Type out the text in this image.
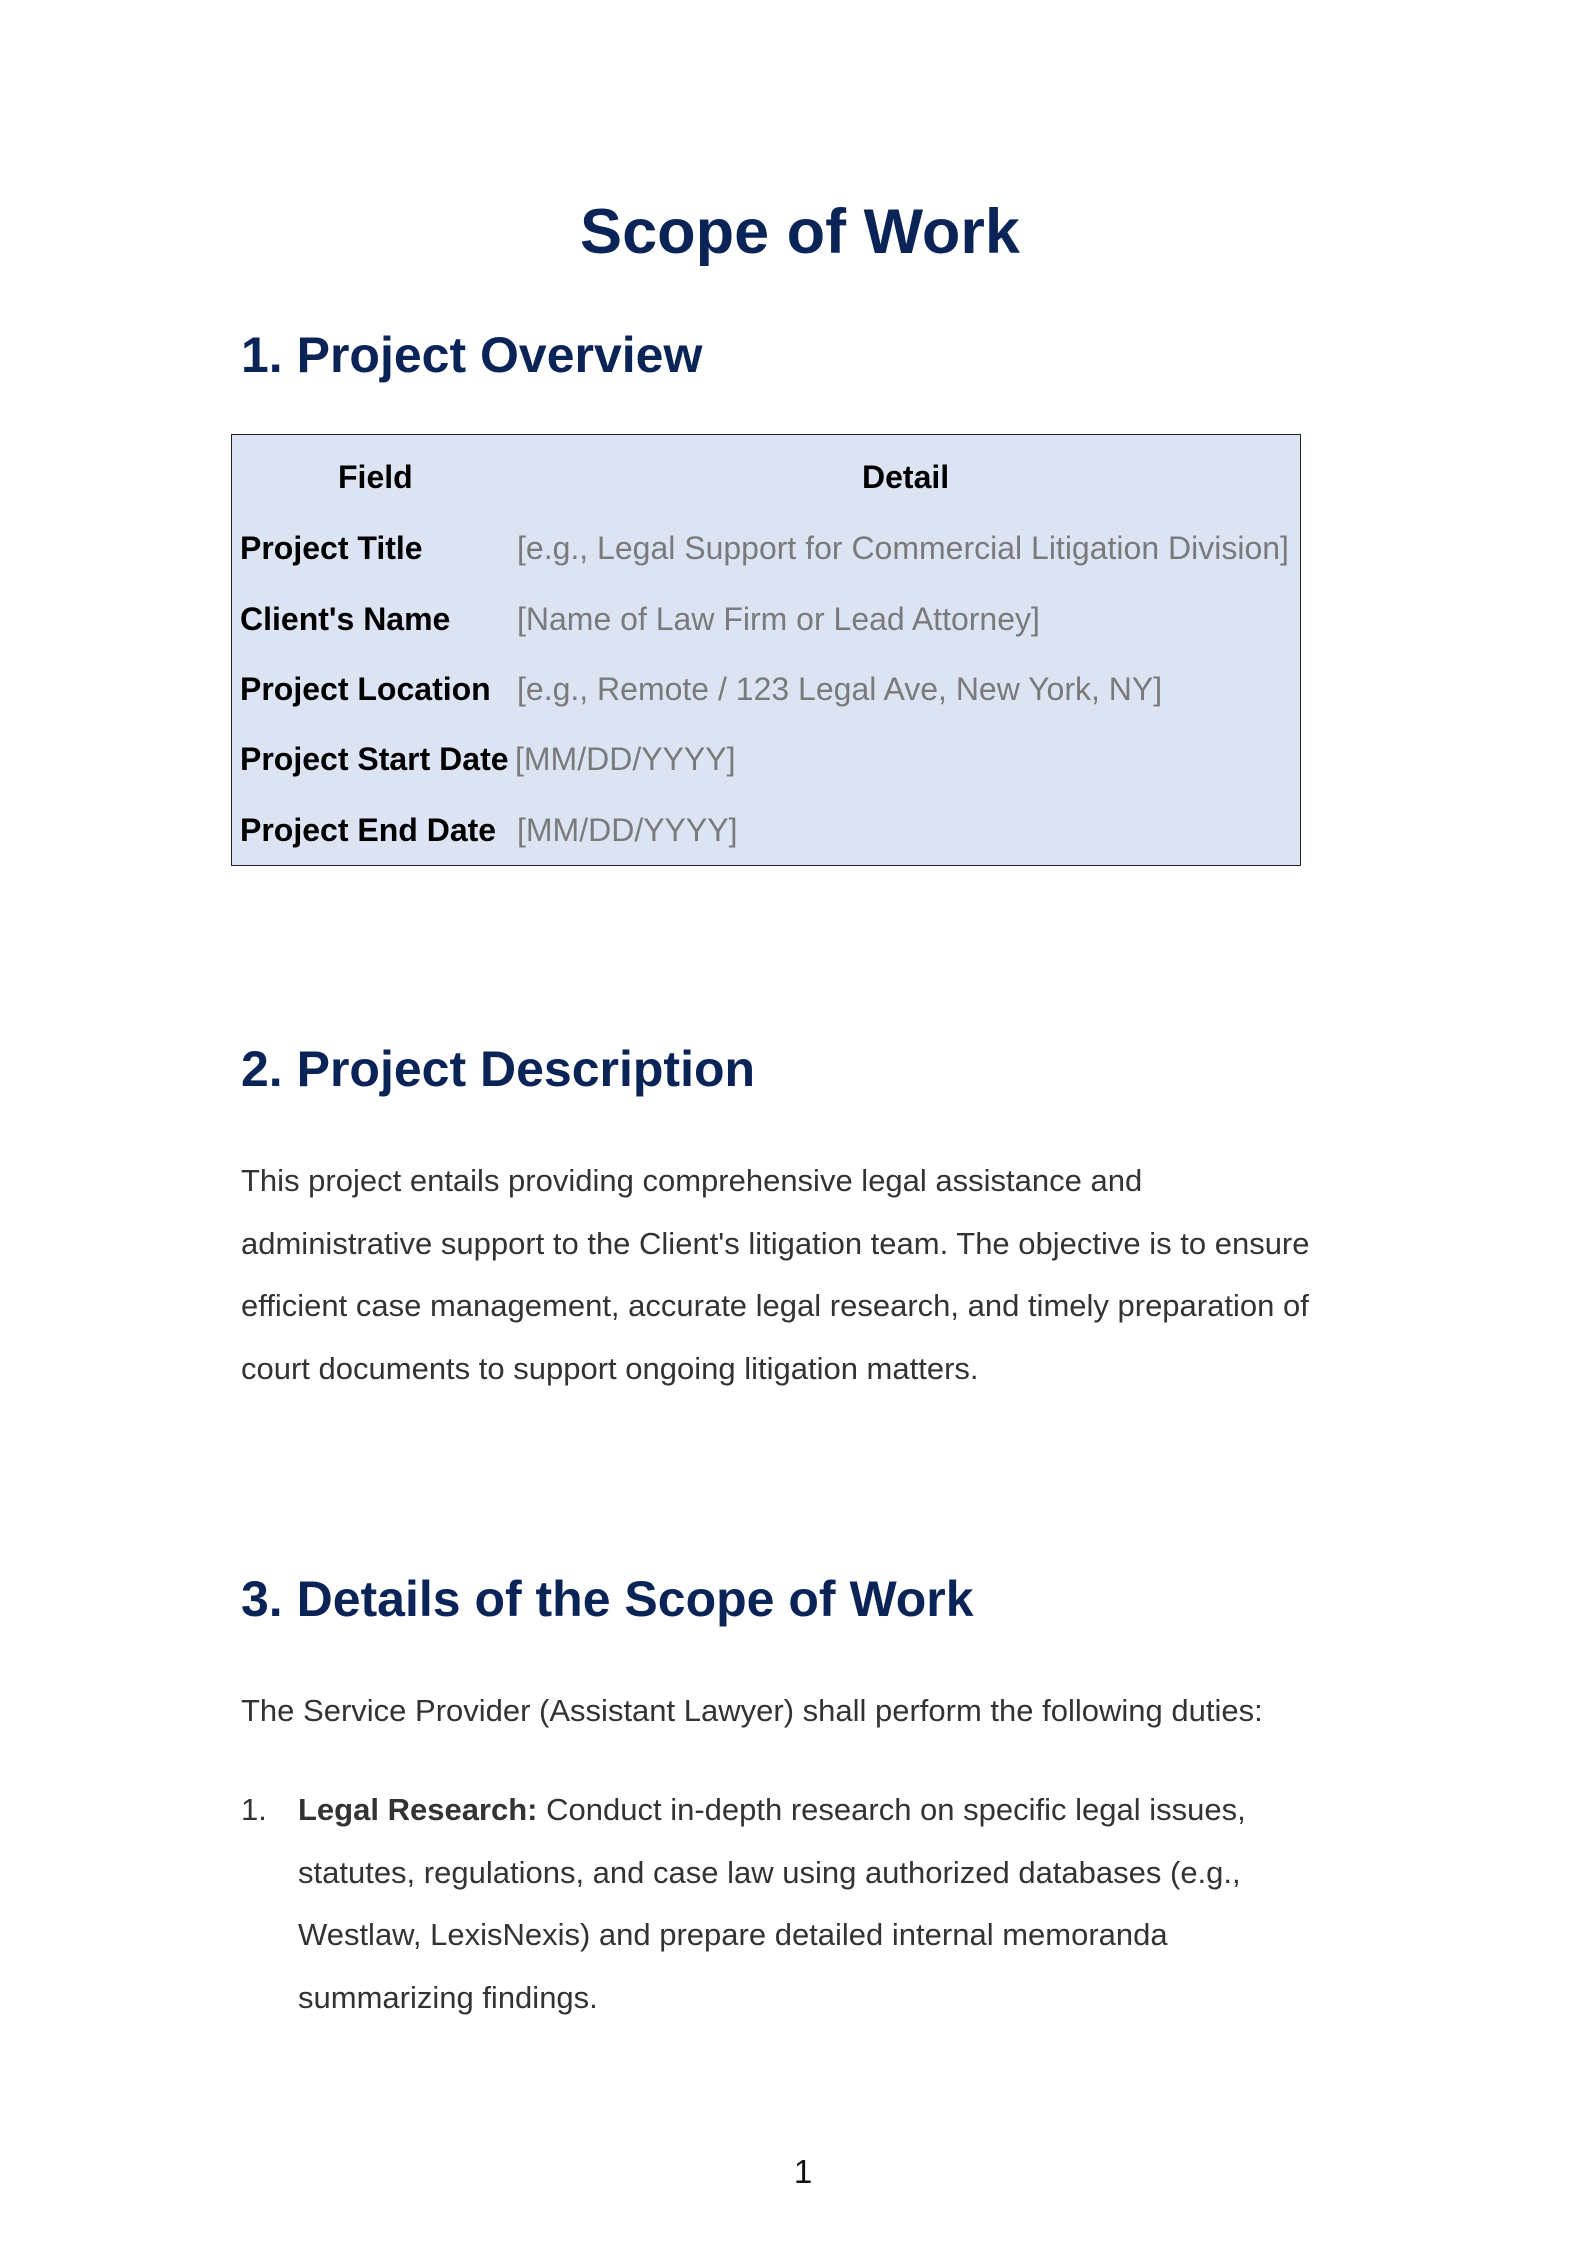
Scope of Work
1. Project Overview
Field	Detail
Project Title	[e.g., Legal Support for Commercial Litigation Division]
Client's Name [Name of Law Firm or Lead Attorney]
Project Location [e.g., Remote / 123 Legal Ave, New York, NY]
Project Start Date [MM/DD/YYYY]
Project End Date [MM/DD/YYYY]
2. Project Description

This project entails providing comprehensive legal assistance and
administrative support to the Client's litigation team. The objective is to ensure
efficient case management, accurate legal research, and timely preparation of
court documents to support ongoing litigation matters.

3. Details of the Scope of Work

The Service Provider (Assistant Lawyer) shall perform the following duties:

1. Legal Research: Conduct in-depth research on specific legal issues,
statutes, regulations, and case law using authorized databases (e.g.,
Westlaw, LexisNexis) and prepare detailed internal memoranda
summarizing findings.

1
